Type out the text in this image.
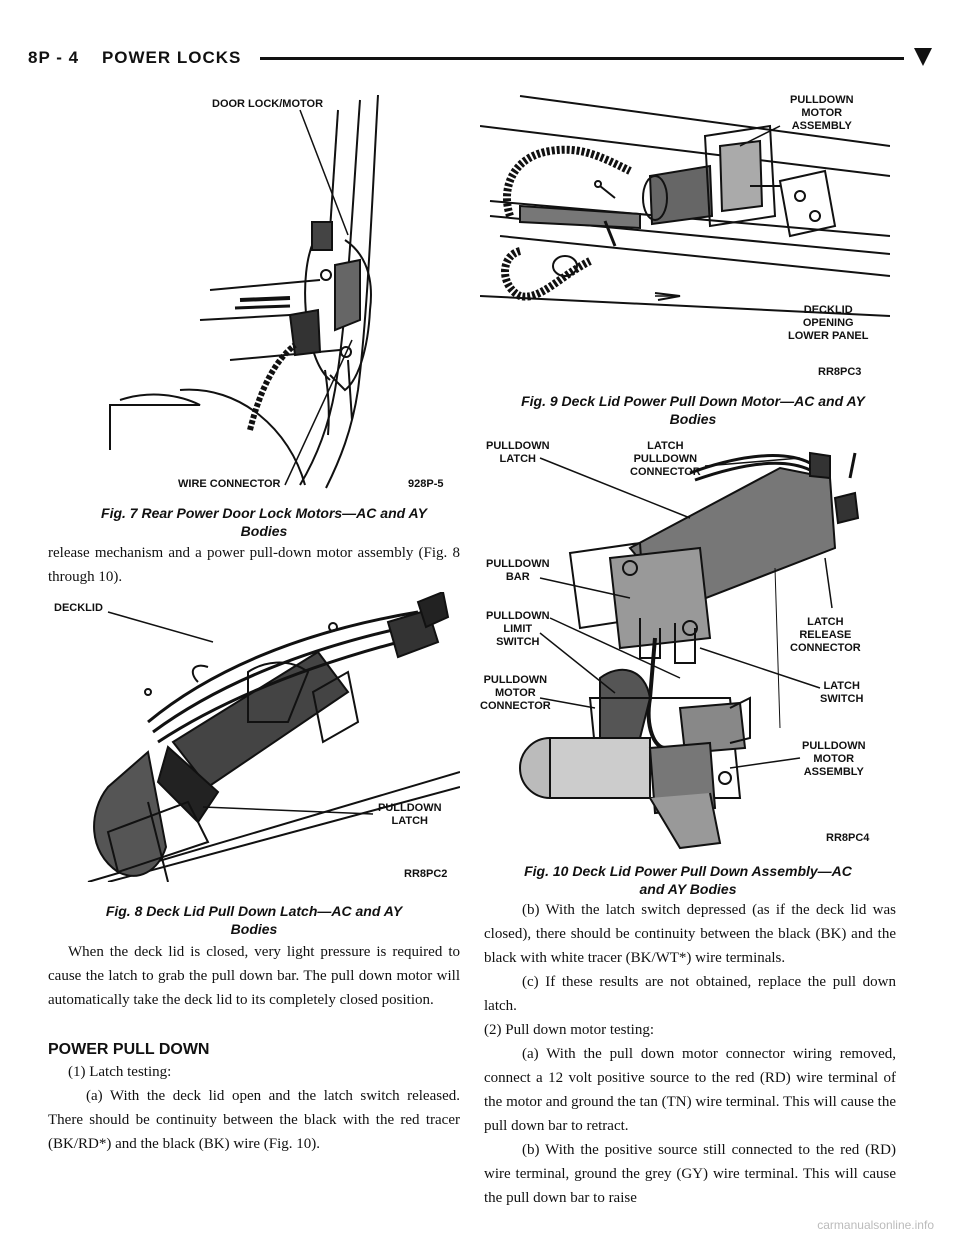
8P - 4    POWER LOCKS
DOOR LOCK/MOTOR
WIRE CONNECTOR	928P-5
Fig. 7 Rear Power Door Lock Motors—AC and AY
Bodies

release mechanism and a power pull-down motor assembly (Fig. 8 through 10).

DECKLID
PULLDOWN
LATCH
RR8PC2
Fig. 8 Deck Lid Pull Down Latch—AC and AY
Bodies

When the deck lid is closed, very light pressure is required to cause the latch to grab the pull down bar. The pull down motor will automatically take the deck lid to its completely closed position.

POWER PULL DOWN

(1) Latch testing:

(a) With the deck lid open and the latch switch released. There should be continuity between the black with the red tracer (BK/RD*) and the black (BK) wire (Fig. 10).

PULLDOWN
MOTOR
ASSEMBLY
DECKLID
OPENING
LOWER PANEL
RR8PC3
Fig. 9 Deck Lid Power Pull Down Motor—AC and AY
Bodies
PULLDOWN
LATCH
LATCH
PULLDOWN
CONNECTOR
PULLDOWN
BAR
PULLDOWN
LIMIT
SWITCH
LATCH
RELEASE
CONNECTOR
PULLDOWN
MOTOR
CONNECTOR
LATCH
SWITCH
PULLDOWN
MOTOR
ASSEMBLY
RR8PC4
Fig. 10 Deck Lid Power Pull Down Assembly—AC
and AY Bodies

(b) With the latch switch depressed (as if the deck lid was closed), there should be continuity between the black (BK) and the black with white tracer (BK/WT*) wire terminals.

(c) If these results are not obtained, replace the pull down latch.

(2) Pull down motor testing:

(a) With the pull down motor connector wiring removed, connect a 12 volt positive source to the red (RD) wire terminal of the motor and ground the tan (TN) wire terminal. This will cause the pull down bar to retract.

(b) With the positive source still connected to the red (RD) wire terminal, ground the grey (GY) wire terminal. This will cause the pull down bar to raise

carmanualsonline.info
